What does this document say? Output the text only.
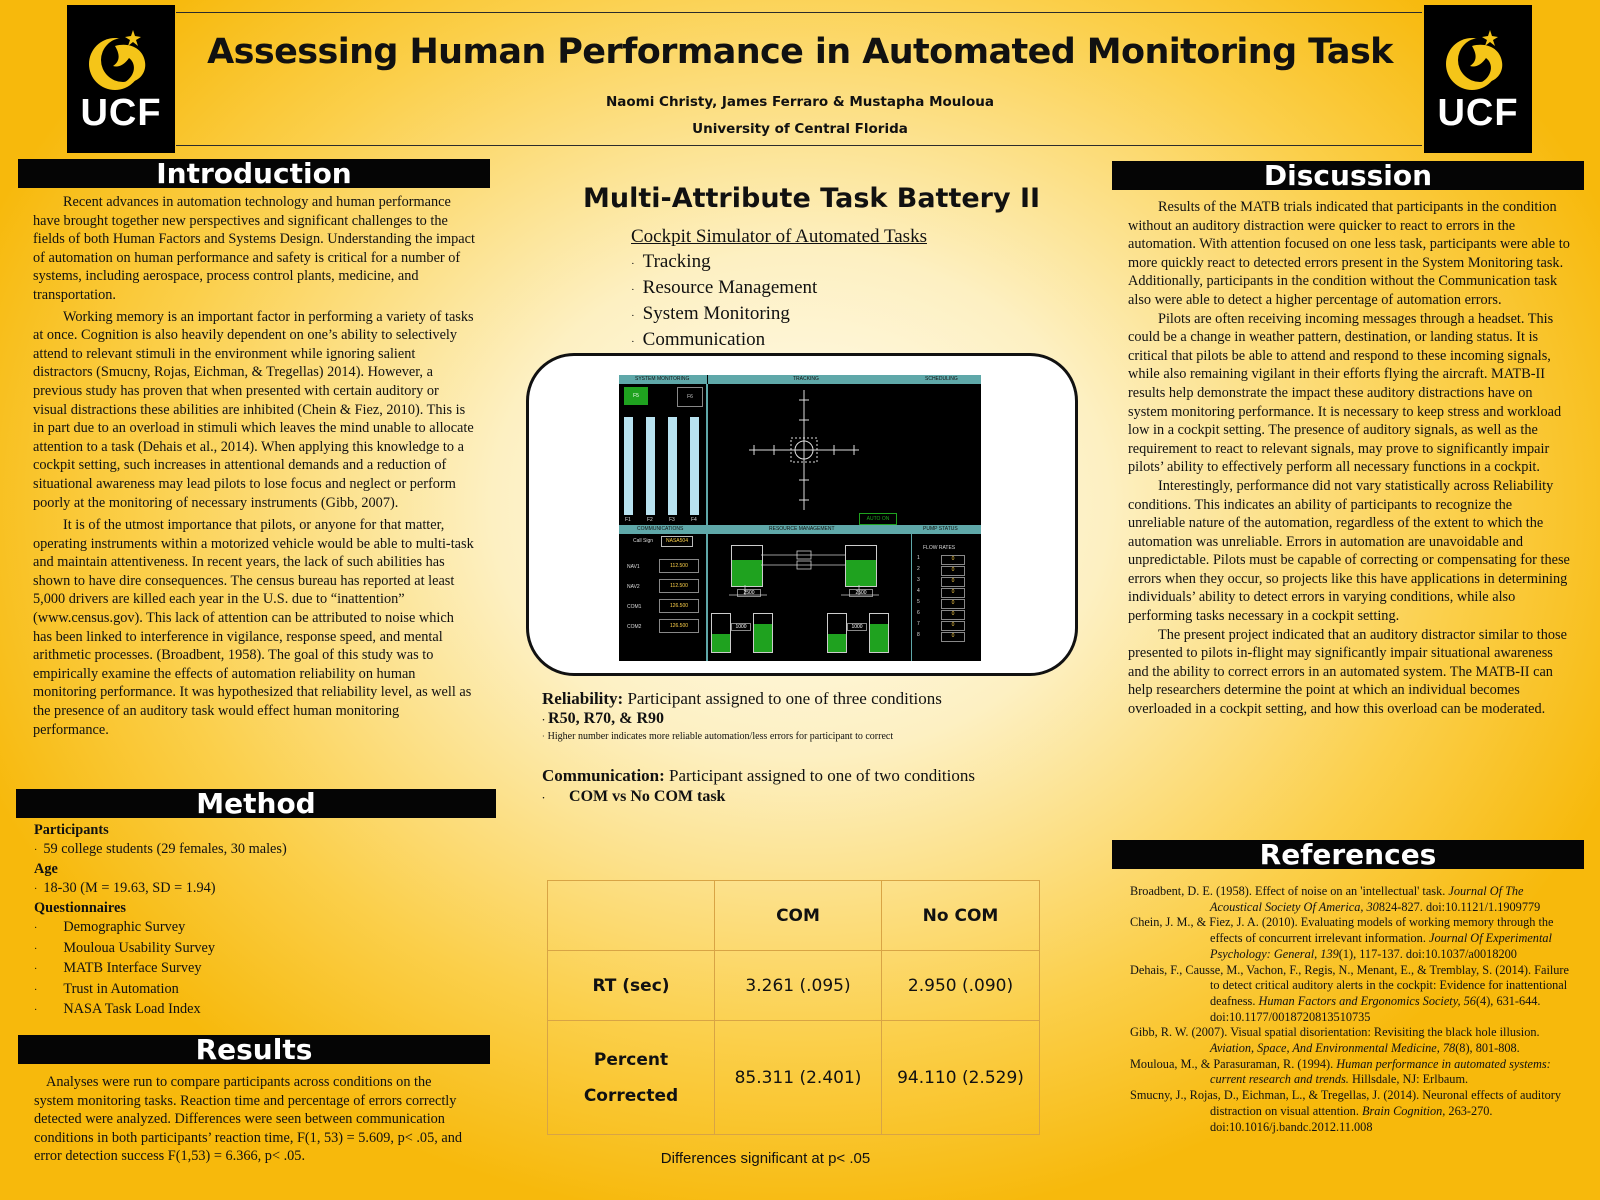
UCF	UCF
Assessing Human Performance in Automated Monitoring Task
Naomi Christy, James Ferraro & Mustapha Mouloua
University of Central Florida
Introduction

Recent advances in automation technology and human performance have brought together new perspectives and significant challenges to the fields of both Human Factors and Systems Design. Understanding the impact of automation on human performance and safety is critical for a number of systems, including aerospace, process control plants, medicine, and transportation.

Working memory is an important factor in performing a variety of tasks at once. Cognition is also heavily dependent on one’s ability to selectively attend to relevant stimuli in the environment while ignoring salient distractors (Smucny, Rojas, Eichman, & Tregellas) 2014). However, a previous study has proven that when presented with certain auditory or visual distractions these abilities are inhibited (Chein & Fiez, 2010). This is in part due to an overload in stimuli which leaves the mind unable to allocate attention to a task (Dehais et al., 2014). When applying this knowledge to a cockpit setting, such increases in attentional demands and a reduction of situational awareness may lead pilots to lose focus and neglect or perform poorly at the monitoring of necessary instruments (Gibb, 2007).

It is of the utmost importance that pilots, or anyone for that matter, operating instruments within a motorized vehicle would be able to multi-task and maintain attentiveness. In recent years, the lack of such abilities has shown to have dire consequences. The census bureau has reported at least 5,000 drivers are killed each year in the U.S. due to “inattention” (www.census.gov). This lack of attention can be attributed to noise which has been linked to interference in vigilance, response speed, and mental arithmetic processes. (Broadbent, 1958). The goal of this study was to empirically examine the effects of automation reliability on human monitoring performance. It was hypothesized that reliability level, as well as the presence of an auditory task would effect human monitoring performance.

Method
Participants
· 59 college students (29 females, 30 males)
Age
· 18-30 (M = 19.63, SD = 1.94)
Questionnaires
· Demographic Survey
· Mouloua Usability Survey
· MATB Interface Survey
· Trust in Automation
· NASA Task Load Index
Results

Analyses were run to compare participants across conditions on the system monitoring tasks. Reaction time and percentage of errors correctly detected were analyzed. Differences were seen between communication conditions in both participants’ reaction time, F(1, 53) = 5.609, p< .05, and error detection success F(1,53) = 6.366, p< .05.

Multi-Attribute Task Battery II
Cockpit Simulator of Automated Tasks
· Tracking
· Resource Management
· System Monitoring
· Communication
SYSTEM MONITORING	TRACKING	SCHEDULING
F5	F6
F1	F2	F3	F4	AUTO ON
COMMUNICATIONS	RESOURCE MANAGEMENT	PUMP STATUS
Call Sign	NASA504
NAV1
NAV2
COM1
COM2
112.500
112.500
126.500
126.500
2500	2500
1000	1000
FLOW RATES
1	0
2	0
3	0
4	0
5	0
6	0
7	0
8	0
Reliability: Participant assigned to one of three conditions
· R50, R70, & R90
· Higher number indicates more reliable automation/less errors for participant to correct
Communication: Participant assigned to one of two conditions
· COM vs No COM task
	COM	No COM
RT (sec)	3.261 (.095)	2.950 (.090)
Percent Corrected	85.311 (2.401)	94.110 (2.529)
Differences significant at p< .05
Discussion

Results of the MATB trials indicated that participants in the condition without an auditory distraction were quicker to react to errors in the automation. With attention focused on one less task, participants were able to more quickly react to detected errors present in the System Monitoring task. Additionally, participants in the condition without the Communication task also were able to detect a higher percentage of automation errors.

Pilots are often receiving incoming messages through a headset. This could be a change in weather pattern, destination, or landing status. It is critical that pilots be able to attend and respond to these incoming signals, while also remaining vigilant in their efforts flying the aircraft. MATB-II results help demonstrate the impact these auditory distractions have on system monitoring performance. It is necessary to keep stress and workload low in a cockpit setting. The presence of auditory signals, as well as the requirement to react to relevant signals, may prove to significantly impair pilots’ ability to effectively perform all necessary functions in a cockpit.

Interestingly, performance did not vary statistically across Reliability conditions. This indicates an ability of participants to recognize the unreliable nature of the automation, regardless of the extent to which the automation was unreliable. Errors in automation are unavoidable and unpredictable. Pilots must be capable of correcting or compensating for these errors when they occur, so projects like this have applications in determining individuals’ ability to detect errors in varying conditions, while also performing tasks necessary in a cockpit setting.

The present project indicated that an auditory distractor similar to those presented to pilots in-flight may significantly impair situational awareness and the ability to correct errors in an automated system. The MATB-II can help researchers determine the point at which an individual becomes overloaded in a cockpit setting, and how this overload can be moderated.

References

Broadbent, D. E. (1958). Effect of noise on an 'intellectual' task. Journal Of The Acoustical Society Of America, 30824-827. doi:10.1121/1.1909779

Chein, J. M., & Fiez, J. A. (2010). Evaluating models of working memory through the effects of concurrent irrelevant information. Journal Of Experimental Psychology: General, 139(1), 117-137. doi:10.1037/a0018200

Dehais, F., Causse, M., Vachon, F., Regis, N., Menant, E., & Tremblay, S. (2014). Failure to detect critical auditory alerts in the cockpit: Evidence for inattentional deafness. Human Factors and Ergonomics Society, 56(4), 631-644. doi:10.1177/0018720813510735

Gibb, R. W. (2007). Visual spatial disorientation: Revisiting the black hole illusion. Aviation, Space, And Environmental Medicine, 78(8), 801-808.

Mouloua, M., & Parasuraman, R. (1994). Human performance in automated systems: current research and trends. Hillsdale, NJ: Erlbaum.

Smucny, J., Rojas, D., Eichman, L., & Tregellas, J. (2014). Neuronal effects of auditory distraction on visual attention. Brain Cognition, 263-270. doi:10.1016/j.bandc.2012.11.008
